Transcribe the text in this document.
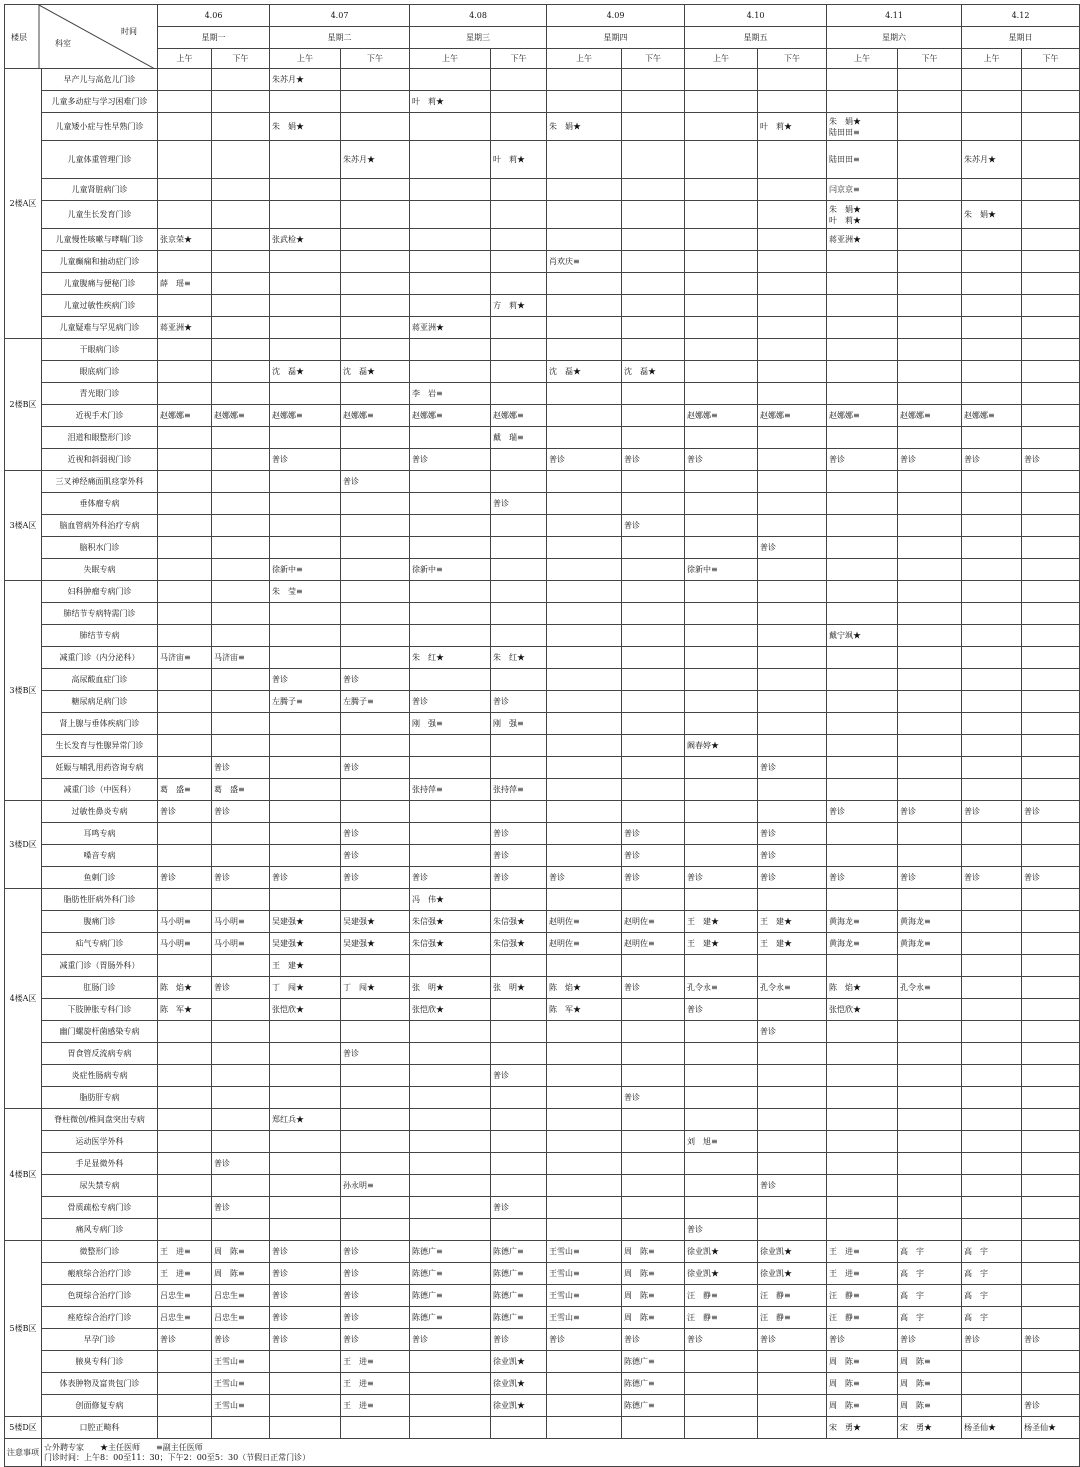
时间
科室
楼层		4.06		4.07		4.08		4.09		4.10		4.11		4.12	
		星期一		星期二		星期三		星期四		星期五		星期六		星期日	
		上午	下午	上午	下午	上午	下午	上午	下午	上午	下午	上午	下午	上午	下午
2楼A区	早产儿与高危儿门诊			朱苏月★											
	儿童多动症与学习困难门诊					叶　莉★									
	儿童矮小症与性早熟门诊			朱　娟★				朱　娟★			叶　莉★	朱　娟★
陆田田≡			
	儿童体重管理门诊				朱苏月★		叶　莉★					陆田田≡		朱苏月★	
	儿童肾脏病门诊											闫京京≡			
	儿童生长发育门诊											朱　娟★
叶　莉★		朱　娟★	
	儿童慢性咳嗽与哮喘门诊	张京荣★		张武检★								蒋亚洲★			
	儿童癫痫和抽动症门诊							肖欢庆≡							
	儿童腹痛与便秘门诊	薛　瑶≡													
	儿童过敏性疾病门诊						方　莉★								
	儿童疑难与罕见病门诊	蒋亚洲★				蒋亚洲★									
2楼B区	干眼病门诊														
	眼底病门诊			沈　磊★	沈　磊★			沈　磊★	沈　磊★						
	青光眼门诊					李　岩≡									
	近视手术门诊	赵娜娜≡	赵娜娜≡	赵娜娜≡	赵娜娜≡	赵娜娜≡	赵娜娜≡			赵娜娜≡	赵娜娜≡	赵娜娜≡	赵娜娜≡	赵娜娜≡	
	泪道和眼整形门诊						戴　瑞≡								
	近视和斜弱视门诊			普诊		普诊		普诊	普诊	普诊		普诊	普诊	普诊	普诊
3楼A区	三叉神经痛面肌痉挛外科				普诊										
	垂体瘤专病						普诊								
	脑血管病外科治疗专病								普诊						
	脑积水门诊										普诊				
	失眠专病			徐新中≡		徐新中≡				徐新中≡					
3楼B区	妇科肿瘤专病门诊			朱　莹≡											
	肺结节专病特需门诊														
	肺结节专病											戴宁飒★			
	减重门诊（内分泌科）	马济宙≡	马济宙≡			朱　红★	朱　红★								
	高尿酸血症门诊			普诊	普诊										
	糖尿病足病门诊			左腾子≡	左腾子≡	普诊	普诊								
	肾上腺与垂体疾病门诊					刚　强≡	刚　强≡								
	生长发育与性腺异常门诊									阚春婷★					
	妊娠与哺乳用药咨询专病		普诊		普诊						普诊				
	减重门诊（中医科）	葛　盛≡	葛　盛≡			张持萍≡	张持萍≡								
3楼D区	过敏性鼻炎专病	普诊	普诊									普诊	普诊	普诊	普诊
	耳鸣专病				普诊		普诊		普诊		普诊				
	嗓音专病				普诊		普诊		普诊		普诊				
	鱼刺门诊	普诊	普诊	普诊	普诊	普诊	普诊	普诊	普诊	普诊	普诊	普诊	普诊	普诊	普诊
4楼A区	脂肪性肝病外科门诊					冯　伟★									
	腹痛门诊	马小明≡	马小明≡	吴建强★	吴建强★	朱信强★	朱信强★	赵明佐≡	赵明佐≡	王　建★	王　建★	黄海龙≡	黄海龙≡		
	疝气专病门诊	马小明≡	马小明≡	吴建强★	吴建强★	朱信强★	朱信强★	赵明佐≡	赵明佐≡	王　建★	王　建★	黄海龙≡	黄海龙≡		
	减重门诊（胃肠外科）			王　建★											
	肛肠门诊	陈　焰★	普诊	丁　闯★	丁　闯★	张　明★	张　明★	陈　焰★	普诊	孔令永≡	孔令永≡	陈　焰★	孔令永≡		
	下肢肿胀专科门诊	陈　军★		张恺欣★		张恺欣★		陈　军★		普诊		张恺欣★			
	幽门螺旋杆菌感染专病										普诊				
	胃食管反流病专病				普诊										
	炎症性肠病专病						普诊								
	脂肪肝专病								普诊						
4楼B区	脊柱微创/椎间盘突出专病			郑红兵★											
	运动医学外科									刘　旭≡					
	手足显微外科		普诊												
	尿失禁专病				孙永明≡						普诊				
	骨质疏松专病门诊		普诊				普诊								
	痛风专病门诊									普诊					
5楼B区	微整形门诊	王　进≡	周　陈≡	普诊	普诊	陈德广≡	陈德广≡	王雪山≡	周　陈≡	徐业凯★	徐业凯★	王　进≡	高　宇	高　宇	
	瘢痕综合治疗门诊	王　进≡	周　陈≡	普诊	普诊	陈德广≡	陈德广≡	王雪山≡	周　陈≡	徐业凯★	徐业凯★	王　进≡	高　宇	高　宇	
	色斑综合治疗门诊	吕忠生≡	吕忠生≡	普诊	普诊	陈德广≡	陈德广≡	王雪山≡	周　陈≡	汪　静≡	汪　静≡	汪　静≡	高　宇	高　宇	
	痤疮综合治疗门诊	吕忠生≡	吕忠生≡	普诊	普诊	陈德广≡	陈德广≡	王雪山≡	周　陈≡	汪　静≡	汪　静≡	汪　静≡	高　宇	高　宇	
	早孕门诊	普诊	普诊	普诊	普诊	普诊	普诊	普诊	普诊	普诊	普诊	普诊	普诊	普诊	普诊
	腋臭专科门诊		王雪山≡		王　进≡		徐业凯★		陈德广≡			周　陈≡	周　陈≡		
	体表肿物及富贵包门诊		王雪山≡		王　进≡		徐业凯★		陈德广≡			周　陈≡	周　陈≡		
	创面修复专病		王雪山≡		王　进≡		徐业凯★		陈德广≡			周　陈≡	周　陈≡		普诊
5楼D区	口腔正畸科											宋　勇★	宋　勇★	杨圣仙★	杨圣仙★
注意事项	☆外聘专家　　★主任医师　　≡副主任医师
门诊时间：上午8：00至11：30；下午2：00至5：30（节假日正常门诊）														
